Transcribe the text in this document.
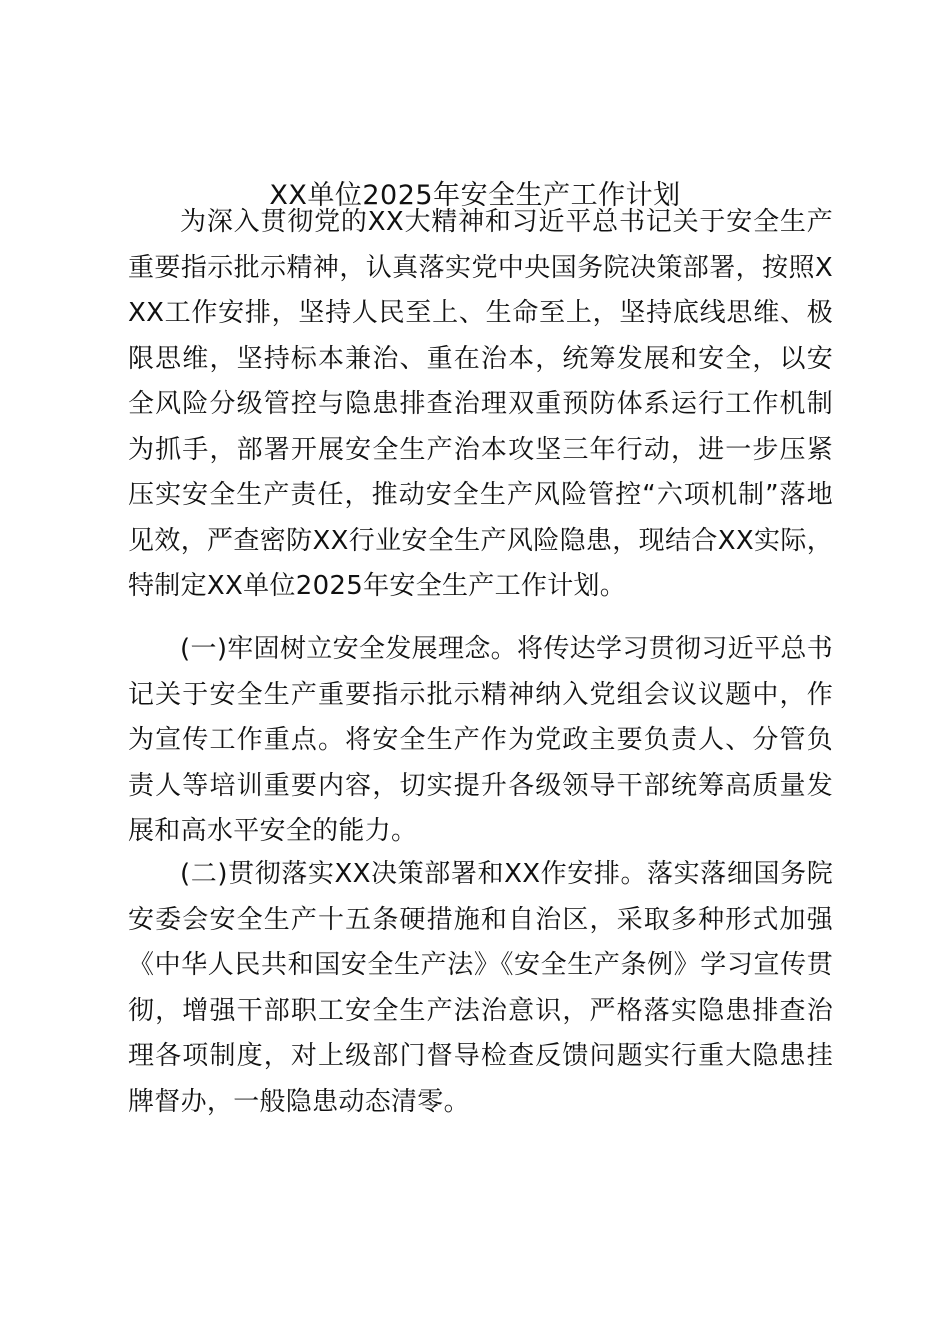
XX单位2025年安全生产工作计划

为深入贯彻党的XX大精神和习近平总书记关于安全生产重要指示批示精神，认真落实党中央国务院决策部署，按照XXX工作安排，坚持人民至上、生命至上，坚持底线思维、极限思维，坚持标本兼治、重在治本，统筹发展和安全，以安全风险分级管控与隐患排查治理双重预防体系运行工作机制为抓手，部署开展安全生产治本攻坚三年行动，进一步压紧压实安全生产责任，推动安全生产风险管控“六项机制”落地见效，严查密防XX行业安全生产风险隐患，现结合XX实际，特制定XX单位2025年安全生产工作计划。

(一)牢固树立安全发展理念。将传达学习贯彻习近平总书记关于安全生产重要指示批示精神纳入党组会议议题中，作为宣传工作重点。将安全生产作为党政主要负责人、分管负责人等培训重要内容，切实提升各级领导干部统筹高质量发展和高水平安全的能力。

(二)贯彻落实XX决策部署和XX作安排。落实落细国务院安委会安全生产十五条硬措施和自治区，采取多种形式加强《中华人民共和国安全生产法》《安全生产条例》学习宣传贯彻，增强干部职工安全生产法治意识，严格落实隐患排查治理各项制度，对上级部门督导检查反馈问题实行重大隐患挂牌督办，一般隐患动态清零。
